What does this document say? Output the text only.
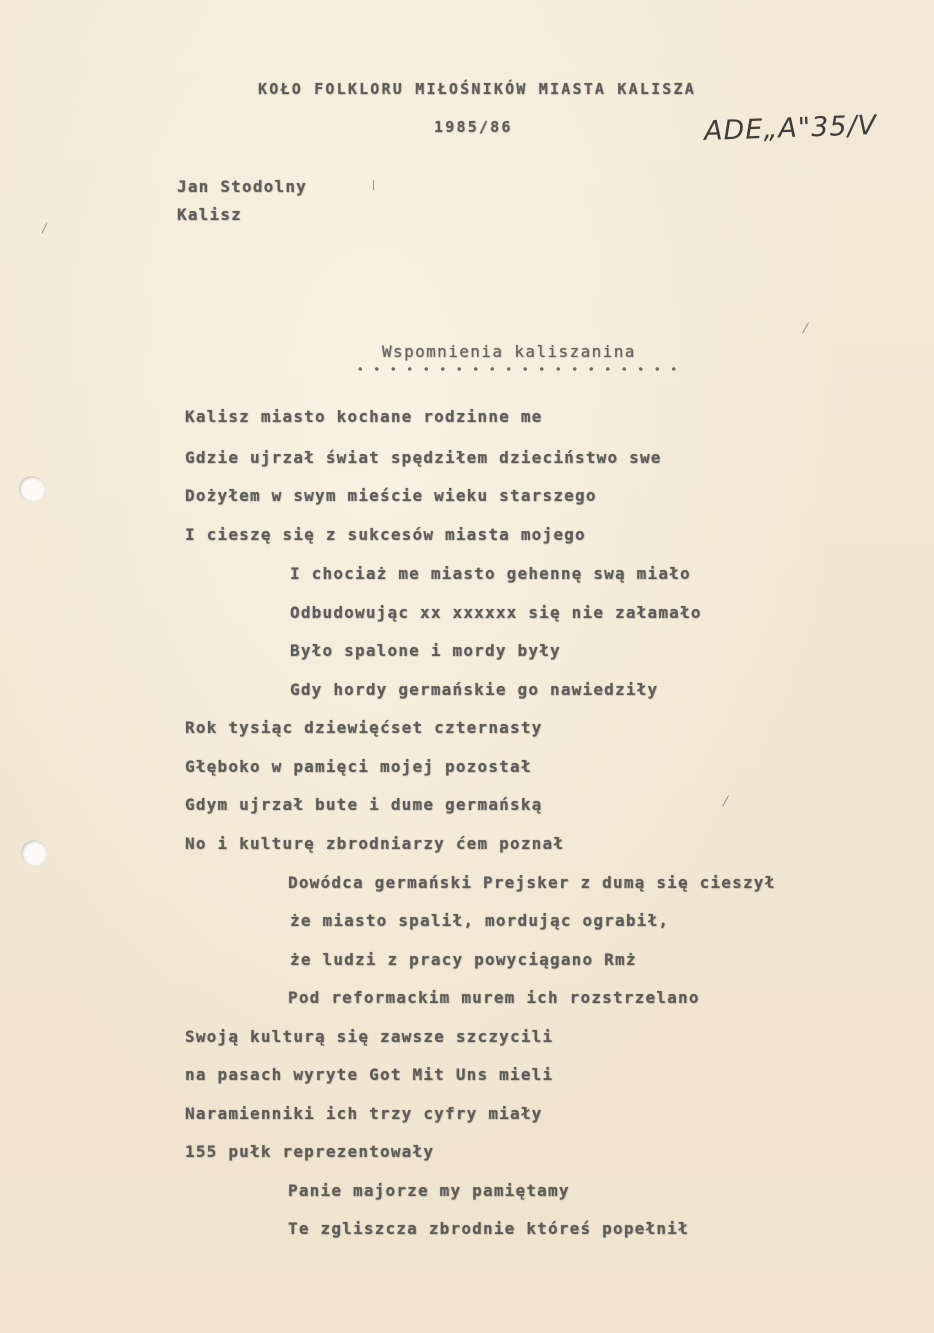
KOŁO FOLKLORU MIŁOŚNIKÓW MIASTA KALISZA
1985/86	ADE„A"35/V
Jan Stodolny
Kalisz
Wspomnienia kaliszanina
Kalisz miasto kochane rodzinne me
Gdzie ujrzał świat spędziłem dzieciństwo swe
Dożyłem w swym mieście wieku starszego
I cieszę się z sukcesów miasta mojego
I chociaż me miasto gehennę swą miało
Odbudowując xx xxxxxx się nie załamało
Było spalone i mordy były
Gdy hordy germańskie go nawiedziły
Rok tysiąc dziewięćset czternasty
Głęboko w pamięci mojej pozostał
Gdym ujrzał bute i dume germańską
No i kulturę zbrodniarzy ćem poznał
Dowódca germański Prejsker z dumą się cieszył
że miasto spalił, mordując ograbił,
że ludzi z pracy powyciągano Rmż
Pod reformackim murem ich rozstrzelano
Swoją kulturą się zawsze szczycili
na pasach wyryte Got Mit Uns mieli
Naramienniki ich trzy cyfry miały
155 pułk reprezentowały
Panie majorze my pamiętamy
Te zgliszcza zbrodnie któreś popełnił
